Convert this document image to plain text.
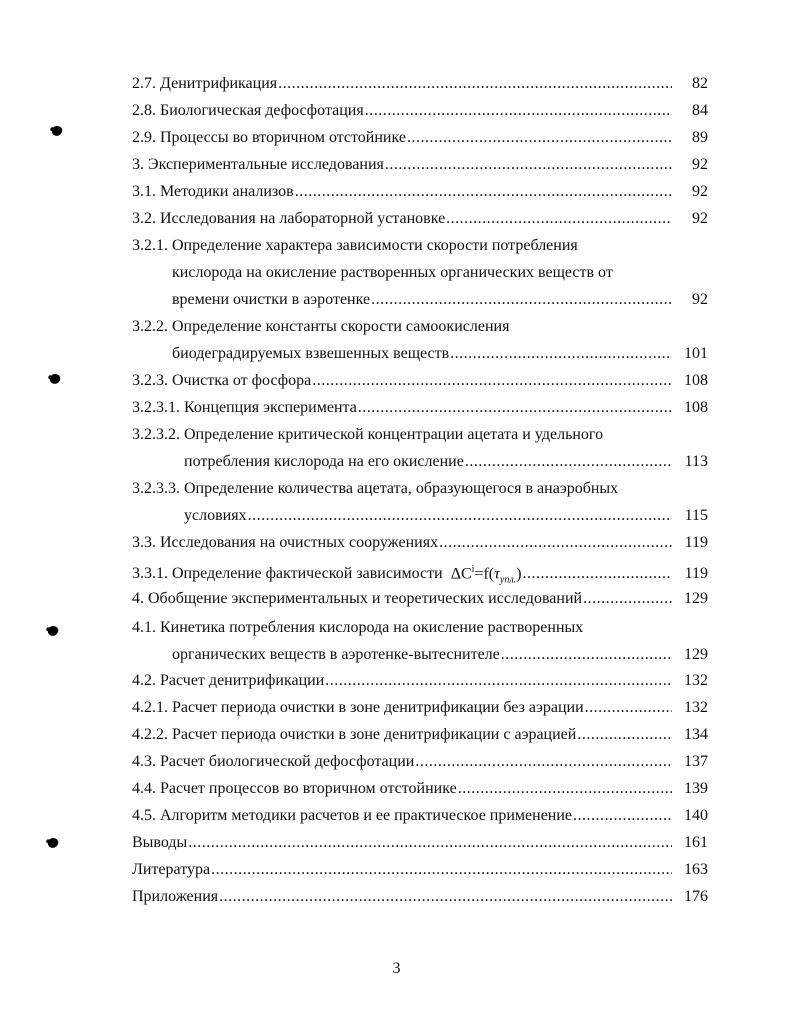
2.7. Денитрификация .....	82
2.8. Биологическая дефосфотация .....	84
2.9. Процессы во вторичном отстойнике .....	89
3. Экспериментальные исследования .....	92
3.1. Методики анализов .....	92
3.2. Исследования на лабораторной установке .....	92
3.2.1. Определение характера зависимости скорости потребления
кислорода на окисление растворенных органических веществ от
времени очистки в аэротенке .....	92
3.2.2. Определение константы скорости самоокисления
биодеградируемых взвешенных веществ .....	101
3.2.3. Очистка от фосфора .....	108
3.2.3.1. Концепция эксперимента .....	108
3.2.3.2. Определение критической концентрации ацетата и удельного
потребления кислорода на его окисление .....	113
3.2.3.3. Определение количества ацетата, образующегося в анаэробных
условиях .....	115
3.3. Исследования на очистных сооружениях .....	119
3.3.1. Определение фактической зависимости $\Delta C^i=f(\tau_{упл.})$ .....	119
4. Обобщение экспериментальных и теоретических исследований .....	129
4.1. Кинетика потребления кислорода на окисление растворенных
органических веществ в аэротенке-вытеснителе .....	129
4.2. Расчет денитрификации .....	132
4.2.1. Расчет периода очистки в зоне денитрификации без аэрации .....	132
4.2.2. Расчет периода очистки в зоне денитрификации с аэрацией .....	134
4.3. Расчет биологической дефосфотации .....	137
4.4. Расчет процессов во вторичном отстойнике .....	139
4.5. Алгоритм методики расчетов и ее практическое применение .....	140
Выводы .....	161
Литература .....	163
Приложения .....	176
3
